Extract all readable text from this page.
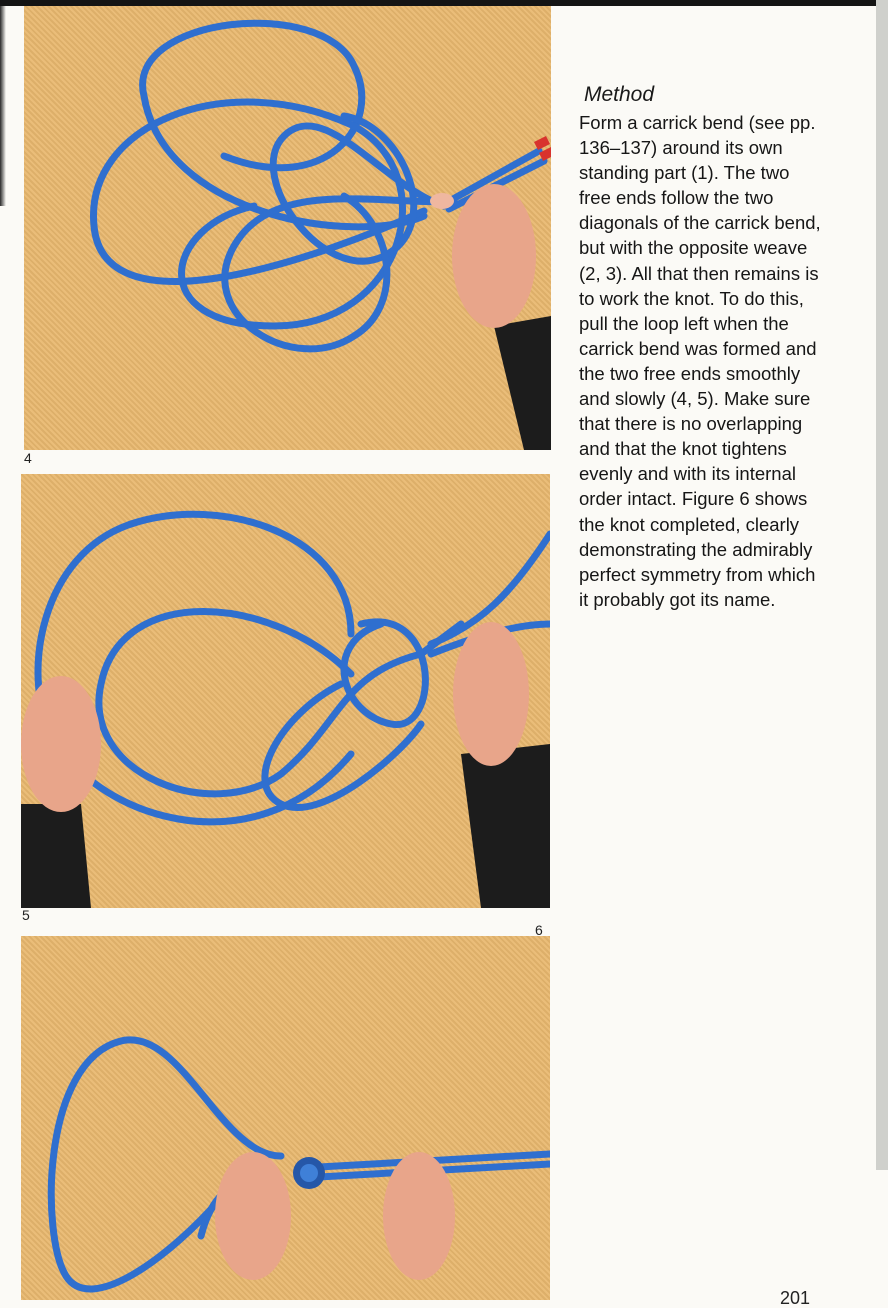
4
5
6
Method
Form a carrick bend (see pp. 136–137) around its own standing part (1). The two free ends follow the two diagonals of the carrick bend, but with the opposite weave (2, 3). All that then remains is to work the knot. To do this, pull the loop left when the carrick bend was formed and the two free ends smoothly and slowly (4, 5). Make sure that there is no overlapping and that the knot tightens evenly and with its internal order intact. Figure 6 shows the knot completed, clearly demonstrating the admirably perfect symmetry from which it probably got its name.
201
